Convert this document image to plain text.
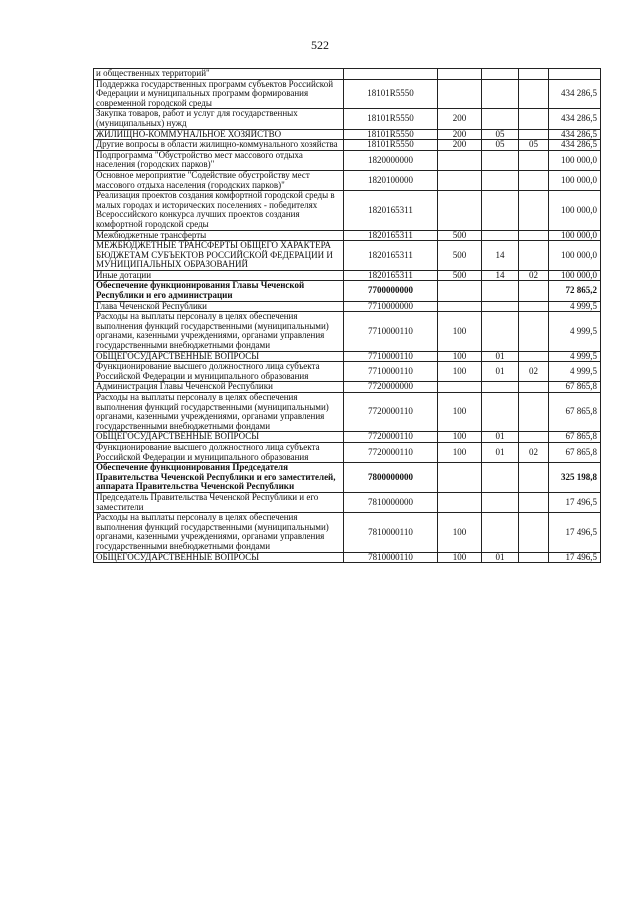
522
и общественных территорий"					
Поддержка государственных программ субъектов Российской Федерации и муниципальных программ формирования современной городской среды	18101R5550				434 286,5
Закупка товаров, работ и услуг для государственных (муниципальных) нужд	18101R5550	200			434 286,5
ЖИЛИЩНО-КОММУНАЛЬНОЕ ХОЗЯЙСТВО	18101R5550	200	05		434 286,5
Другие вопросы в области жилищно-коммунального хозяйства	18101R5550	200	05	05	434 286,5
Подпрограмма "Обустройство мест массового отдыха населения (городских парков)"	1820000000				100 000,0
Основное мероприятие "Содействие обустройству мест массового отдыха населения (городских парков)"	1820100000				100 000,0
Реализация проектов создания комфортной городской среды в малых городах и исторических поселениях - победителях Всероссийского конкурса лучших проектов создания комфортной городской среды	1820165311				100 000,0
Межбюджетные трансферты	1820165311	500			100 000,0
МЕЖБЮДЖЕТНЫЕ ТРАНСФЕРТЫ ОБЩЕГО ХАРАКТЕРА БЮДЖЕТАМ СУБЪЕКТОВ РОССИЙСКОЙ ФЕДЕРАЦИИ И МУНИЦИПАЛЬНЫХ ОБРАЗОВАНИЙ	1820165311	500	14		100 000,0
Иные дотации	1820165311	500	14	02	100 000,0
Обеспечение функционирования Главы Чеченской Республики и его администрации	7700000000				72 865,2
Глава Чеченской Республики	7710000000				4 999,5
Расходы на выплаты персоналу в целях обеспечения выполнения функций государственными (муниципальными) органами, казенными учреждениями, органами управления государственными внебюджетными фондами	7710000110	100			4 999,5
ОБЩЕГОСУДАРСТВЕННЫЕ ВОПРОСЫ	7710000110	100	01		4 999,5
Функционирование высшего должностного лица субъекта Российской Федерации и муниципального образования	7710000110	100	01	02	4 999,5
Администрация Главы Чеченской Республики	7720000000				67 865,8
Расходы на выплаты персоналу в целях обеспечения выполнения функций государственными (муниципальными) органами, казенными учреждениями, органами управления государственными внебюджетными фондами	7720000110	100			67 865,8
ОБЩЕГОСУДАРСТВЕННЫЕ ВОПРОСЫ	7720000110	100	01		67 865,8
Функционирование высшего должностного лица субъекта Российской Федерации и муниципального образования	7720000110	100	01	02	67 865,8
Обеспечение функционирования Председателя Правительства Чеченской Республики и его заместителей, аппарата Правительства Чеченской Республики	7800000000				325 198,8
Председатель Правительства Чеченской Республики и его заместители	7810000000				17 496,5
Расходы на выплаты персоналу в целях обеспечения выполнения функций государственными (муниципальными) органами, казенными учреждениями, органами управления государственными внебюджетными фондами	7810000110	100			17 496,5
ОБЩЕГОСУДАРСТВЕННЫЕ ВОПРОСЫ	7810000110	100	01		17 496,5
